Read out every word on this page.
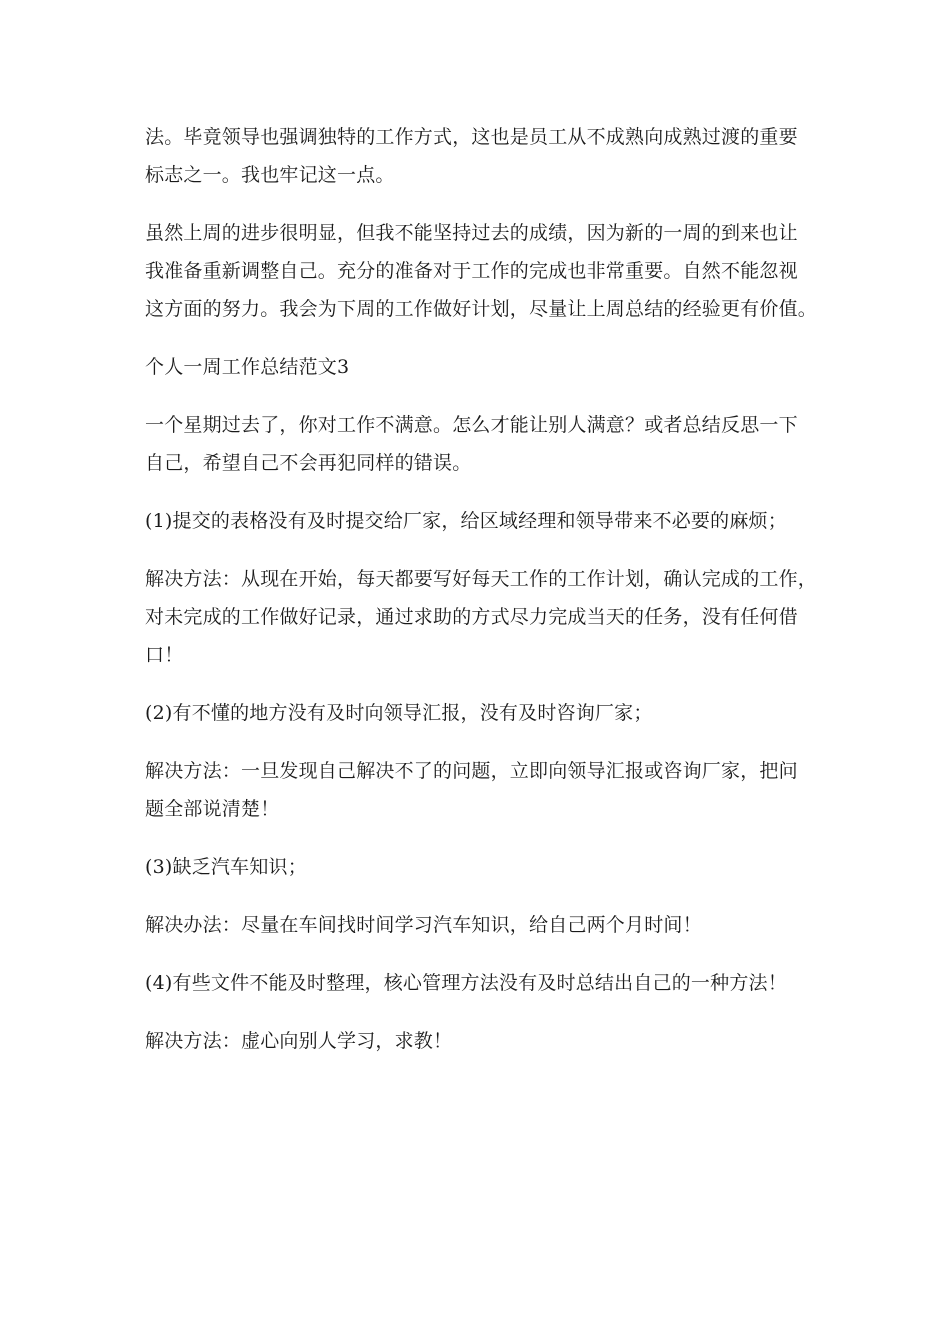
法。毕竟领导也强调独特的工作方式，这也是员工从不成熟向成熟过渡的重要
标志之一。我也牢记这一点。

虽然上周的进步很明显，但我不能坚持过去的成绩，因为新的一周的到来也让
我准备重新调整自己。充分的准备对于工作的完成也非常重要。自然不能忽视
这方面的努力。我会为下周的工作做好计划，尽量让上周总结的经验更有价值。

个人一周工作总结范文3

一个星期过去了，你对工作不满意。怎么才能让别人满意？或者总结反思一下
自己，希望自己不会再犯同样的错误。

(1)提交的表格没有及时提交给厂家，给区域经理和领导带来不必要的麻烦；

解决方法：从现在开始，每天都要写好每天工作的工作计划，确认完成的工作，
对未完成的工作做好记录，通过求助的方式尽力完成当天的任务，没有任何借
口！

(2)有不懂的地方没有及时向领导汇报，没有及时咨询厂家；

解决方法：一旦发现自己解决不了的问题，立即向领导汇报或咨询厂家，把问
题全部说清楚！

(3)缺乏汽车知识；

解决办法：尽量在车间找时间学习汽车知识，给自己两个月时间！

(4)有些文件不能及时整理，核心管理方法没有及时总结出自己的一种方法！

解决方法：虚心向别人学习，求教！
